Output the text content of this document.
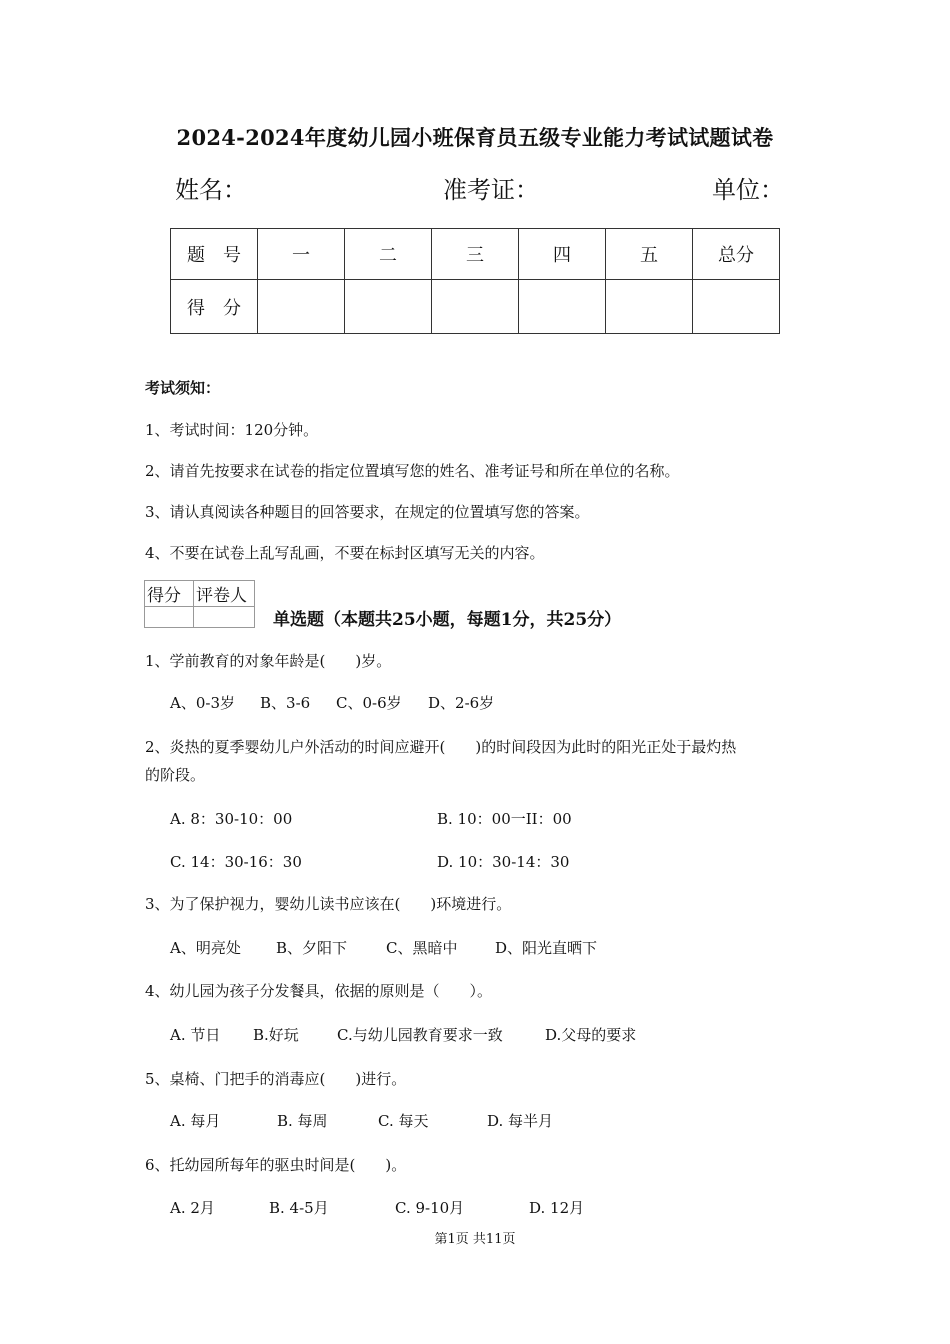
2024-2024年度幼儿园小班保育员五级专业能力考试试题试卷
姓名：	准考证：	单位：
题　号	一	二	三	四	五	总分
得　分						
考试须知：
1、考试时间：120分钟。
2、请首先按要求在试卷的指定位置填写您的姓名、准考证号和所在单位的名称。
3、请认真阅读各种题目的回答要求，在规定的位置填写您的答案。
4、不要在试卷上乱写乱画，不要在标封区填写无关的内容。
得分	评卷人

单选题（本题共25小题，每题1分，共25分）
1、学前教育的对象年龄是(　　)岁。
A、0-3岁 B、3-6 C、0-6岁 D、2-6岁
2、炎热的夏季婴幼儿户外活动的时间应避开(　　)的时间段因为此时的阳光正处于最灼热
的阶段。
A. 8：30-10：00	B. 10：00一II：00
C. 14：30-16：30	D. 10：30-14：30
3、为了保护视力，婴幼儿读书应该在(　　)环境进行。
A、明亮处 B、夕阳下	C、黑暗中	D、阳光直晒下
4、幼儿园为孩子分发餐具，依据的原则是（　　）。
A. 节日 B.好玩	C.与幼儿园教育要求一致	D.父母的要求
5、桌椅、门把手的消毒应(　　)进行。
A. 每月	B. 每周	C. 每天	D. 每半月
6、托幼园所每年的驱虫时间是(　　)。
A. 2月	B. 4-5月	C. 9-10月	D. 12月
第1页 共11页
